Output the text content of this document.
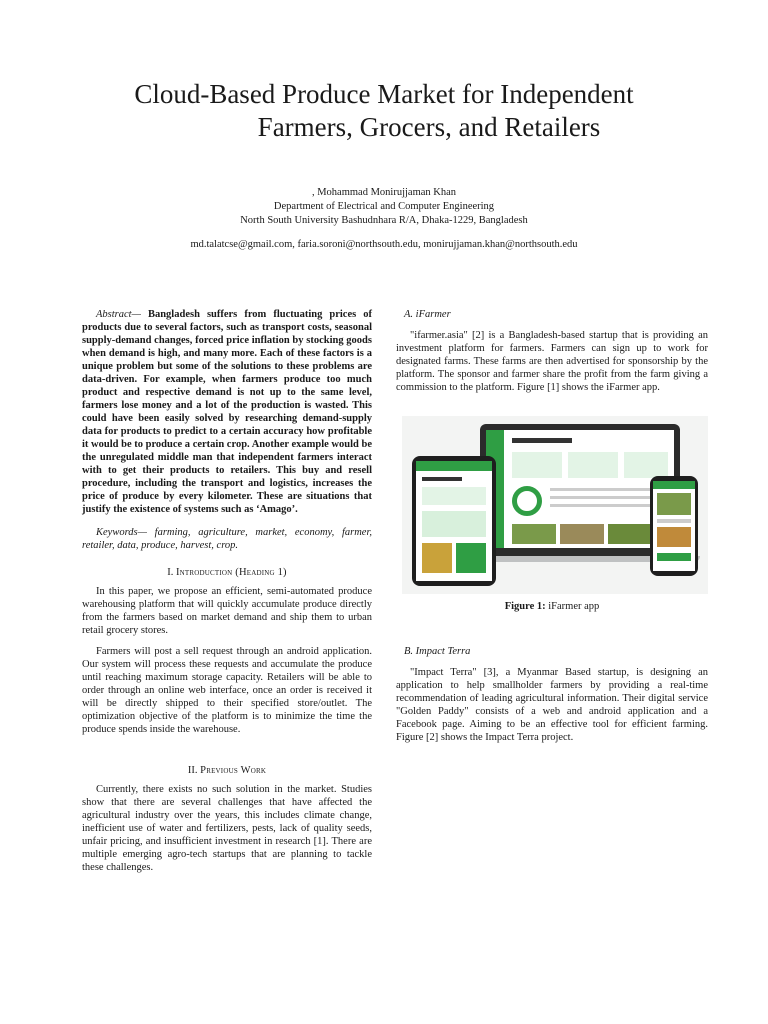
Cloud-Based Produce Market for Independent
Farmers, Grocers, and Retailers
, Mohammad Monirujjaman Khan
Department of Electrical and Computer Engineering
North South University Bashudnhara R/A, Dhaka-1229, Bangladesh
md.talatcse@gmail.com, faria.soroni@northsouth.edu, monirujjaman.khan@northsouth.edu

Abstract— Bangladesh suffers from fluctuating prices of products due to several factors, such as transport costs, seasonal supply-demand changes, forced price inflation by stocking goods when demand is high, and many more. Each of these factors is a unique problem but some of the solutions to these problems are data-driven. For example, when farmers produce too much product and respective demand is not up to the same level, farmers lose money and a lot of the production is wasted. This could have been easily solved by researching demand-supply data for products to predict to a certain accuracy how profitable it would be to produce a certain crop. Another example would be the unregulated middle man that independent farmers interact with to get their products to retailers. This buy and resell procedure, including the transport and logistics, increases the price of produce by every kilometer. These are situations that justify the existence of systems such as ‘Amago’.

Keywords— farming, agriculture, market, economy, farmer, retailer, data, produce, harvest, crop.

I. Introduction (Heading 1)

In this paper, we propose an efficient, semi-automated produce warehousing platform that will quickly accumulate produce directly from the farmers based on market demand and ship them to urban retail grocery stores.

Farmers will post a sell request through an android application. Our system will process these requests and accumulate the produce until reaching maximum storage capacity. Retailers will be able to order through an online web interface, once an order is received it will be directly shipped to their specified store/outlet. The optimization objective of the platform is to minimize the time the produce spends inside the warehouse.

II. Previous Work

Currently, there exists no such solution in the market. Studies show that there are several challenges that have affected the agricultural industry over the years, this includes climate change, inefficient use of water and fertilizers, pests, lack of quality seeds, unfair pricing, and insufficient investment in research [1]. There are multiple emerging agro-tech startups that are planning to tackle these challenges.

A. iFarmer

"ifarmer.asia" [2] is a Bangladesh-based startup that is providing an investment platform for farmers. Farmers can sign up to work for designated farms. These farms are then advertised for sponsorship by the platform. The sponsor and farmer share the profit from the farm giving a commission to the platform. Figure [1] shows the iFarmer app.

Figure 1: iFarmer app
B. Impact Terra

"Impact Terra" [3], a Myanmar Based startup, is designing an application to help smallholder farmers by providing a real-time recommendation of leading agricultural information. Their digital service "Golden Paddy" consists of a web and android application and a Facebook page. Aiming to be an effective tool for efficient farming. Figure [2] shows the Impact Terra project.
